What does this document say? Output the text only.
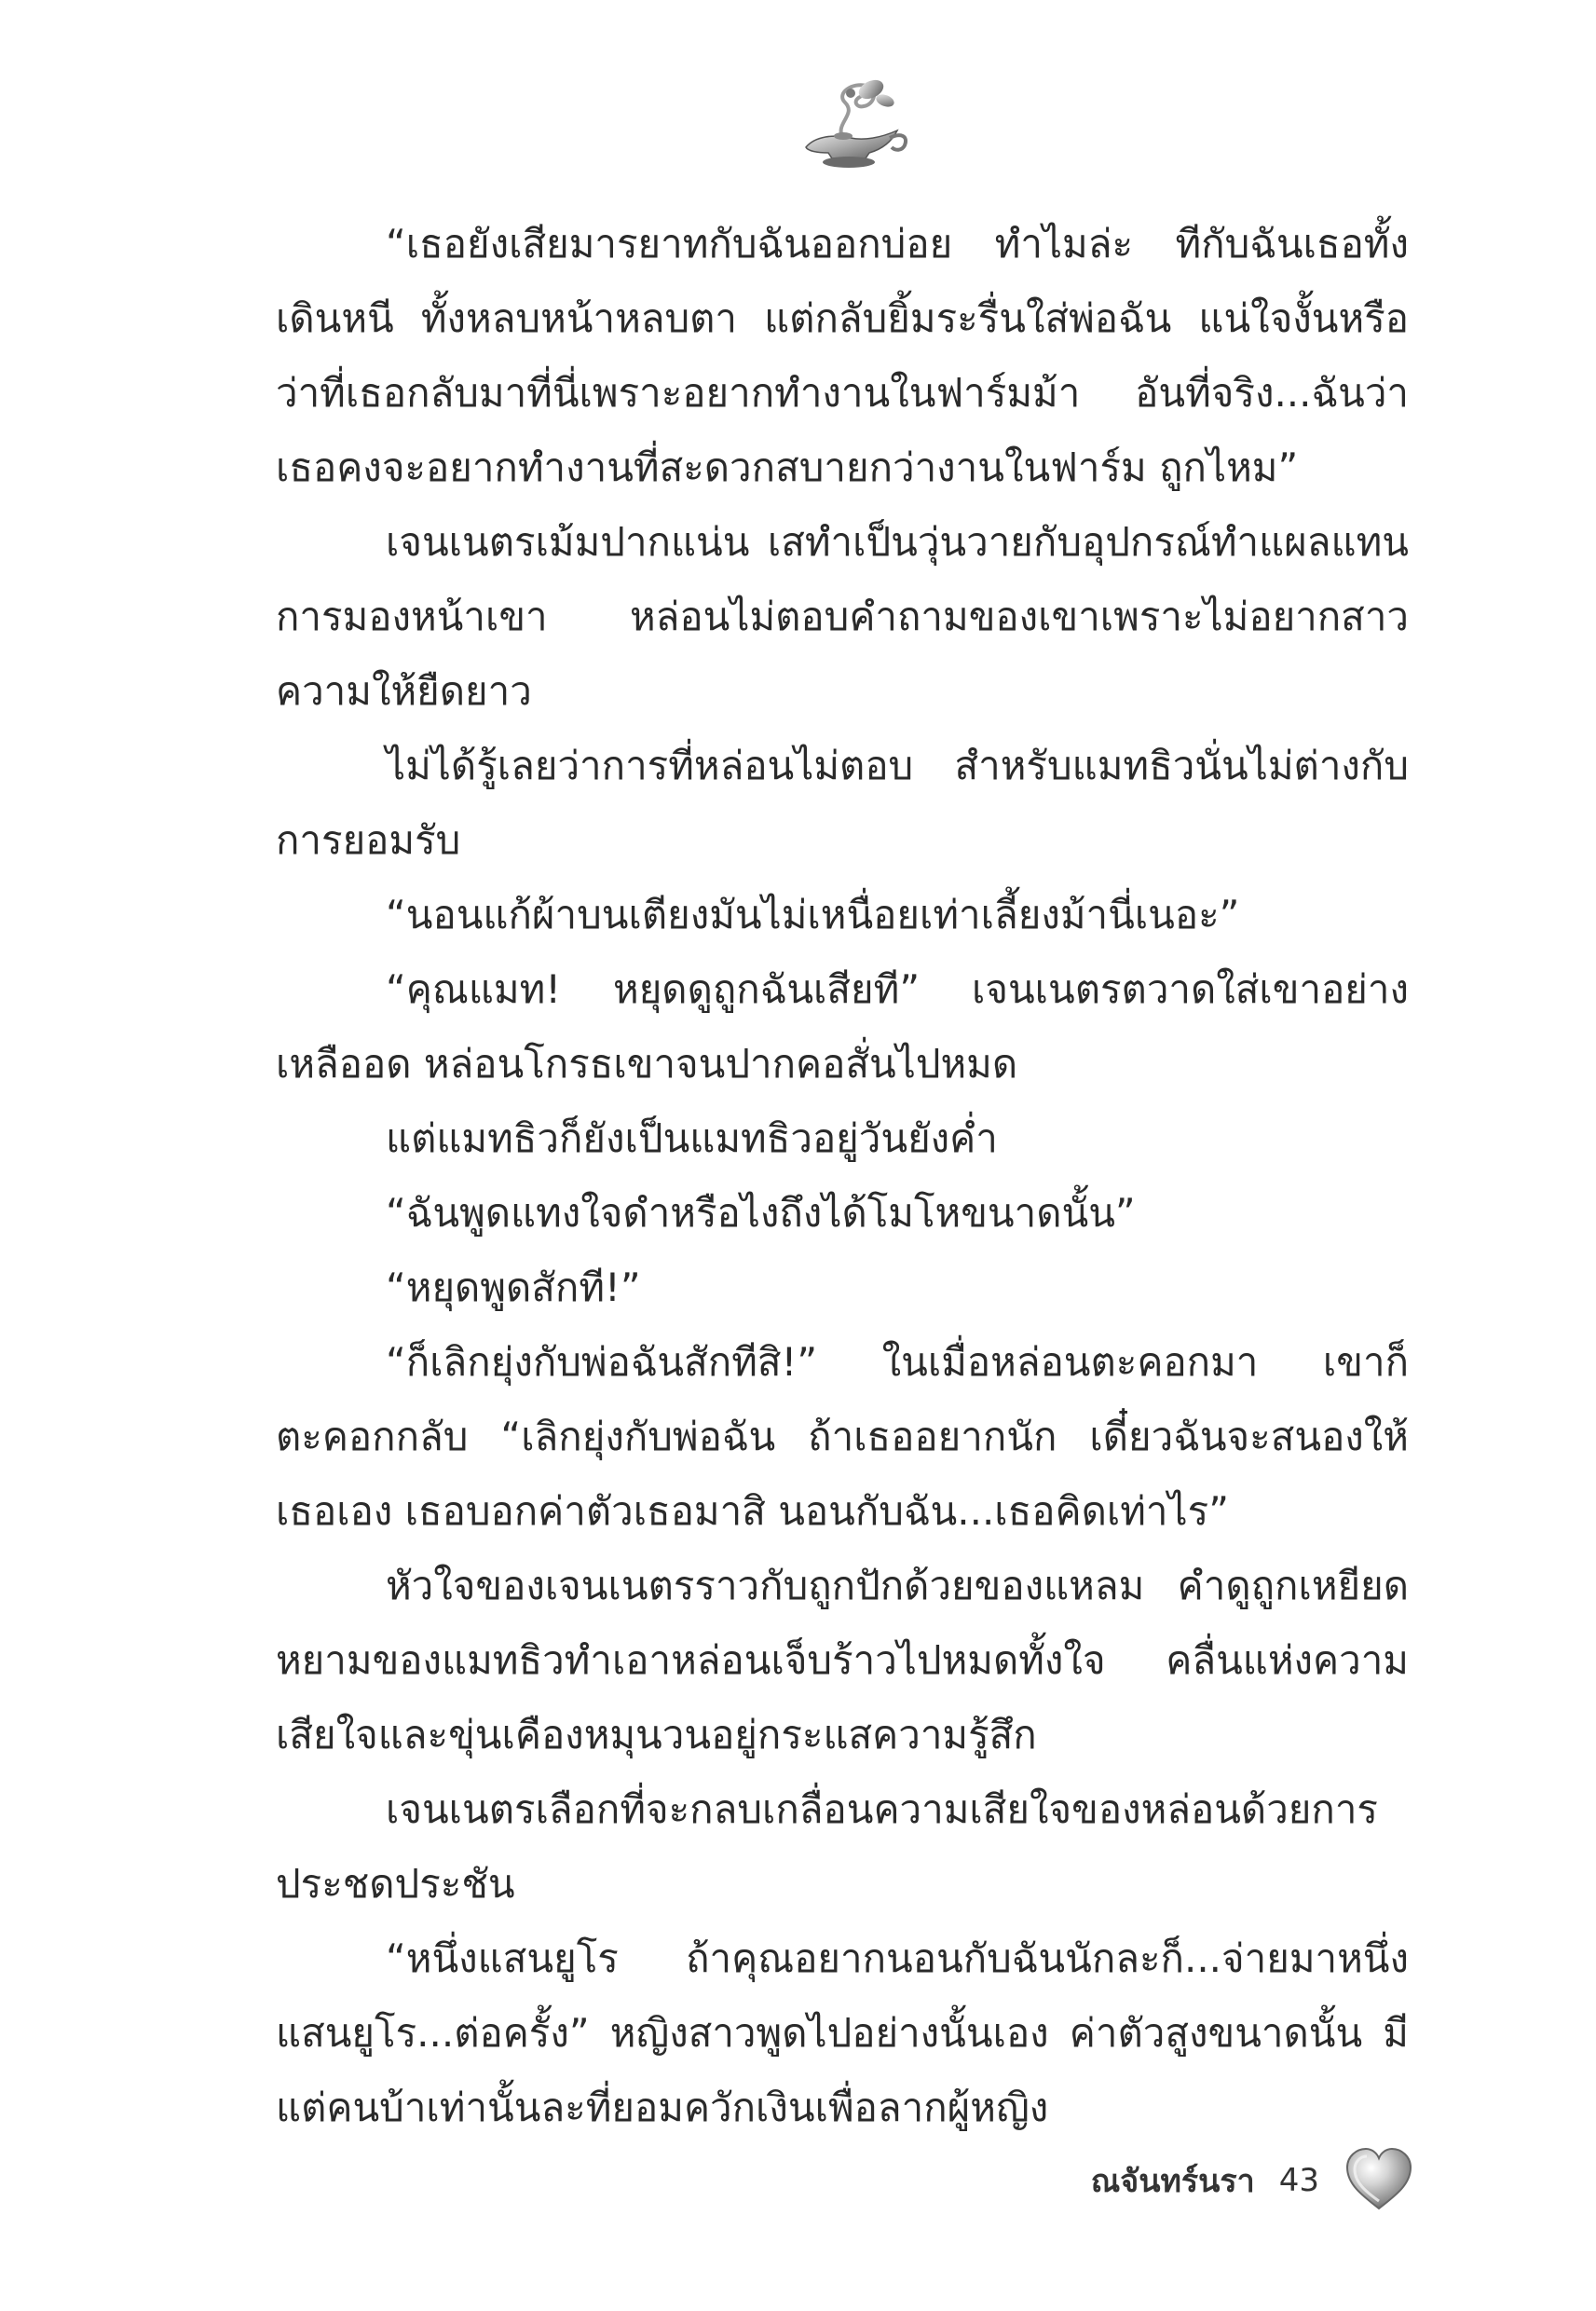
“เธอยังเสียมารยาทกับฉันออกบ่อย ทำไมล่ะ ทีกับฉันเธอทั้งเดินหนี ทั้งหลบหน้าหลบตา แต่กลับยิ้มระรื่นใส่พ่อฉัน แน่ใจงั้นหรือว่าที่เธอกลับมาที่นี่เพราะอยากทำงานในฟาร์มม้า อันที่จริง...ฉันว่าเธอคงจะอยากทำงานที่สะดวกสบายกว่างานในฟาร์ม ถูกไหม”

เจนเนตรเม้มปากแน่น เสทำเป็นวุ่นวายกับอุปกรณ์ทำแผลแทนการมองหน้าเขา หล่อนไม่ตอบคำถามของเขาเพราะไม่อยากสาวความให้ยืดยาว

ไม่ได้รู้เลยว่าการที่หล่อนไม่ตอบ สำหรับแมทธิวนั่นไม่ต่างกับการยอมรับ

“นอนแก้ผ้าบนเตียงมันไม่เหนื่อยเท่าเลี้ยงม้านี่เนอะ”

“คุณแมท! หยุดดูถูกฉันเสียที” เจนเนตรตวาดใส่เขาอย่างเหลืออด หล่อนโกรธเขาจนปากคอสั่นไปหมด

แต่แมทธิวก็ยังเป็นแมทธิวอยู่วันยังค่ำ

“ฉันพูดแทงใจดำหรือไงถึงได้โมโหขนาดนั้น”

“หยุดพูดสักที!”

“ก็เลิกยุ่งกับพ่อฉันสักทีสิ!” ในเมื่อหล่อนตะคอกมา เขาก็ตะคอกกลับ “เลิกยุ่งกับพ่อฉัน ถ้าเธออยากนัก เดี๋ยวฉันจะสนองให้เธอเอง เธอบอกค่าตัวเธอมาสิ นอนกับฉัน...เธอคิดเท่าไร”

หัวใจของเจนเนตรราวกับถูกปักด้วยของแหลม คำดูถูกเหยียดหยามของแมทธิวทำเอาหล่อนเจ็บร้าวไปหมดทั้งใจ คลื่นแห่งความเสียใจและขุ่นเคืองหมุนวนอยู่กระแสความรู้สึก

เจนเนตรเลือกที่จะกลบเกลื่อนความเสียใจของหล่อนด้วยการประชดประชัน

“หนึ่งแสนยูโร ถ้าคุณอยากนอนกับฉันนักละก็...จ่ายมาหนึ่งแสนยูโร...ต่อครั้ง” หญิงสาวพูดไปอย่างนั้นเอง ค่าตัวสูงขนาดนั้น มีแต่คนบ้าเท่านั้นละที่ยอมควักเงินเพื่อลากผู้หญิง

ณจันทร์นรา 43
